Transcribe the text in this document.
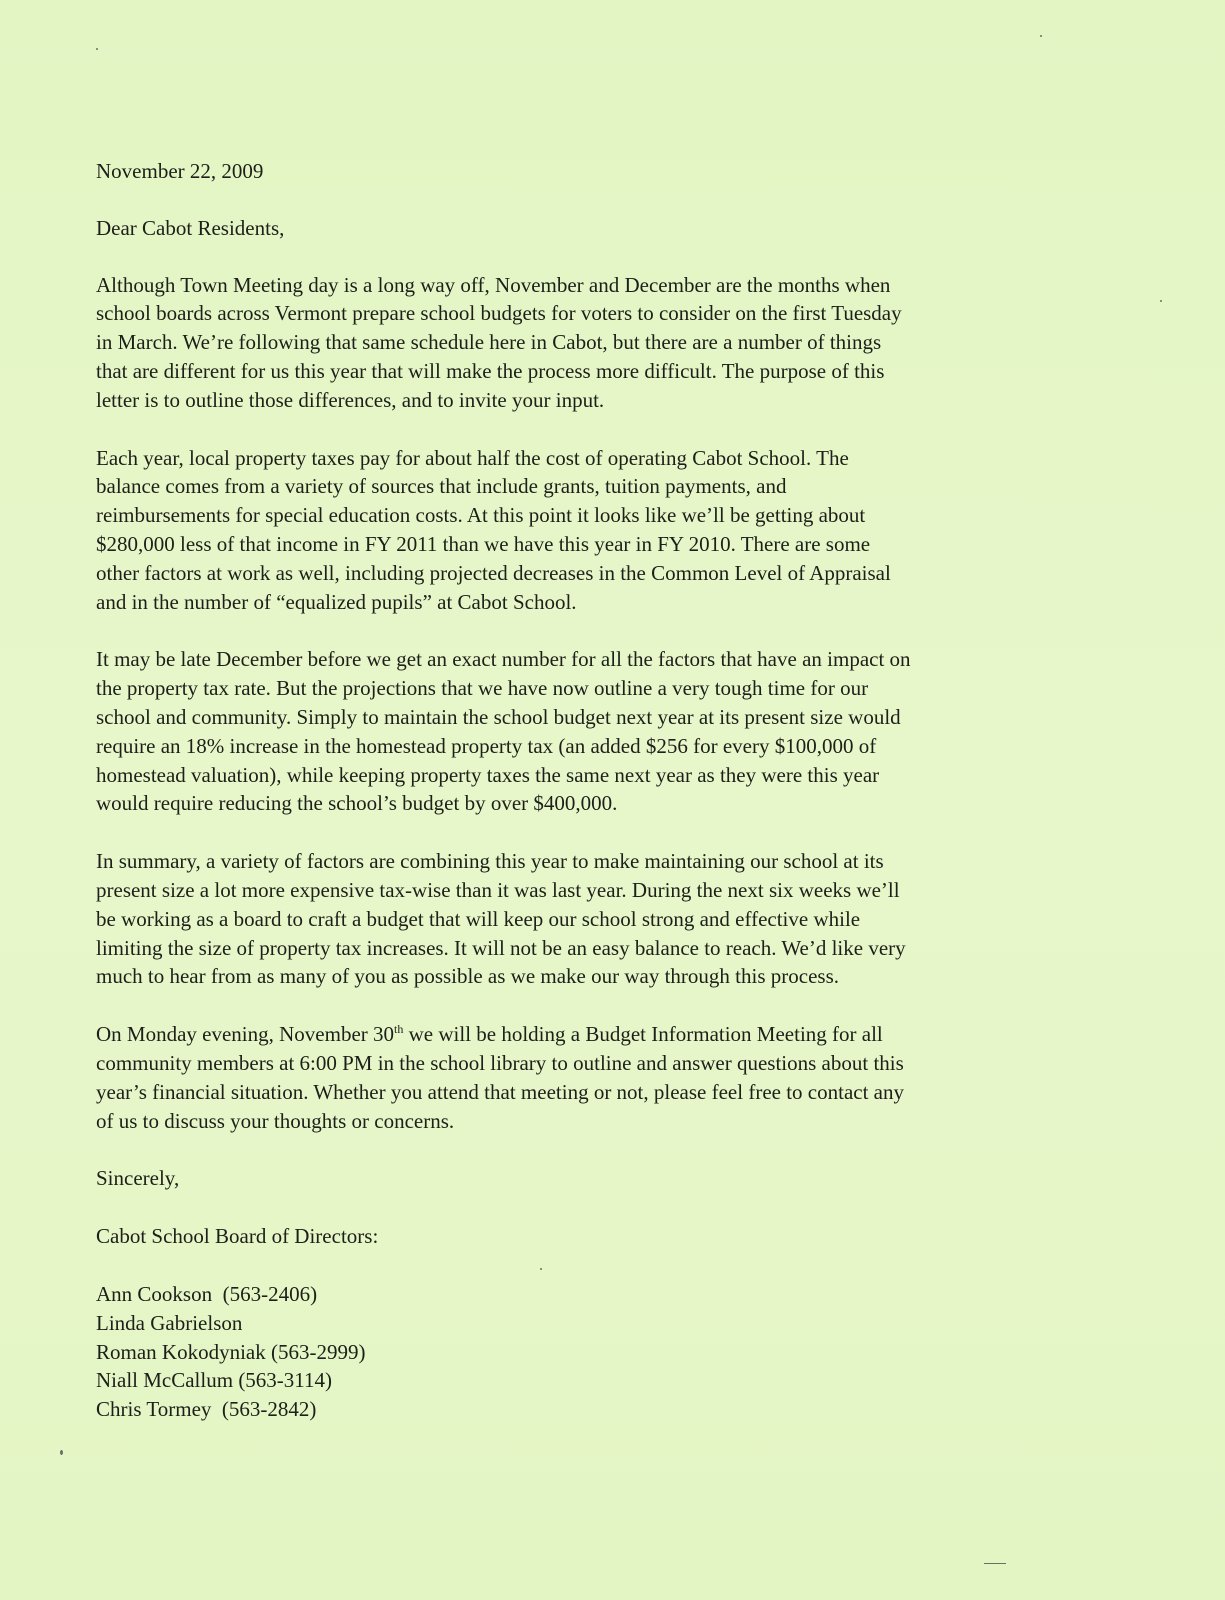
November 22, 2009
Dear Cabot Residents,
Although Town Meeting day is a long way off, November and December are the months when
school boards across Vermont prepare school budgets for voters to consider on the first Tuesday
in March. We’re following that same schedule here in Cabot, but there are a number of things
that are different for us this year that will make the process more difficult. The purpose of this
letter is to outline those differences, and to invite your input.
Each year, local property taxes pay for about half the cost of operating Cabot School. The
balance comes from a variety of sources that include grants, tuition payments, and
reimbursements for special education costs. At this point it looks like we’ll be getting about
$280,000 less of that income in FY 2011 than we have this year in FY 2010. There are some
other factors at work as well, including projected decreases in the Common Level of Appraisal
and in the number of “equalized pupils” at Cabot School.
It may be late December before we get an exact number for all the factors that have an impact on
the property tax rate. But the projections that we have now outline a very tough time for our
school and community. Simply to maintain the school budget next year at its present size would
require an 18% increase in the homestead property tax (an added $256 for every $100,000 of
homestead valuation), while keeping property taxes the same next year as they were this year
would require reducing the school’s budget by over $400,000.
In summary, a variety of factors are combining this year to make maintaining our school at its
present size a lot more expensive tax-wise than it was last year. During the next six weeks we’ll
be working as a board to craft a budget that will keep our school strong and effective while
limiting the size of property tax increases. It will not be an easy balance to reach. We’d like very
much to hear from as many of you as possible as we make our way through this process.
On Monday evening, November 30th we will be holding a Budget Information Meeting for all
community members at 6:00 PM in the school library to outline and answer questions about this
year’s financial situation. Whether you attend that meeting or not, please feel free to contact any
of us to discuss your thoughts or concerns.
Sincerely,
Cabot School Board of Directors:
Ann Cookson  (563-2406)
Linda Gabrielson
Roman Kokodyniak (563-2999)
Niall McCallum (563-3114)
Chris Tormey  (563-2842)
